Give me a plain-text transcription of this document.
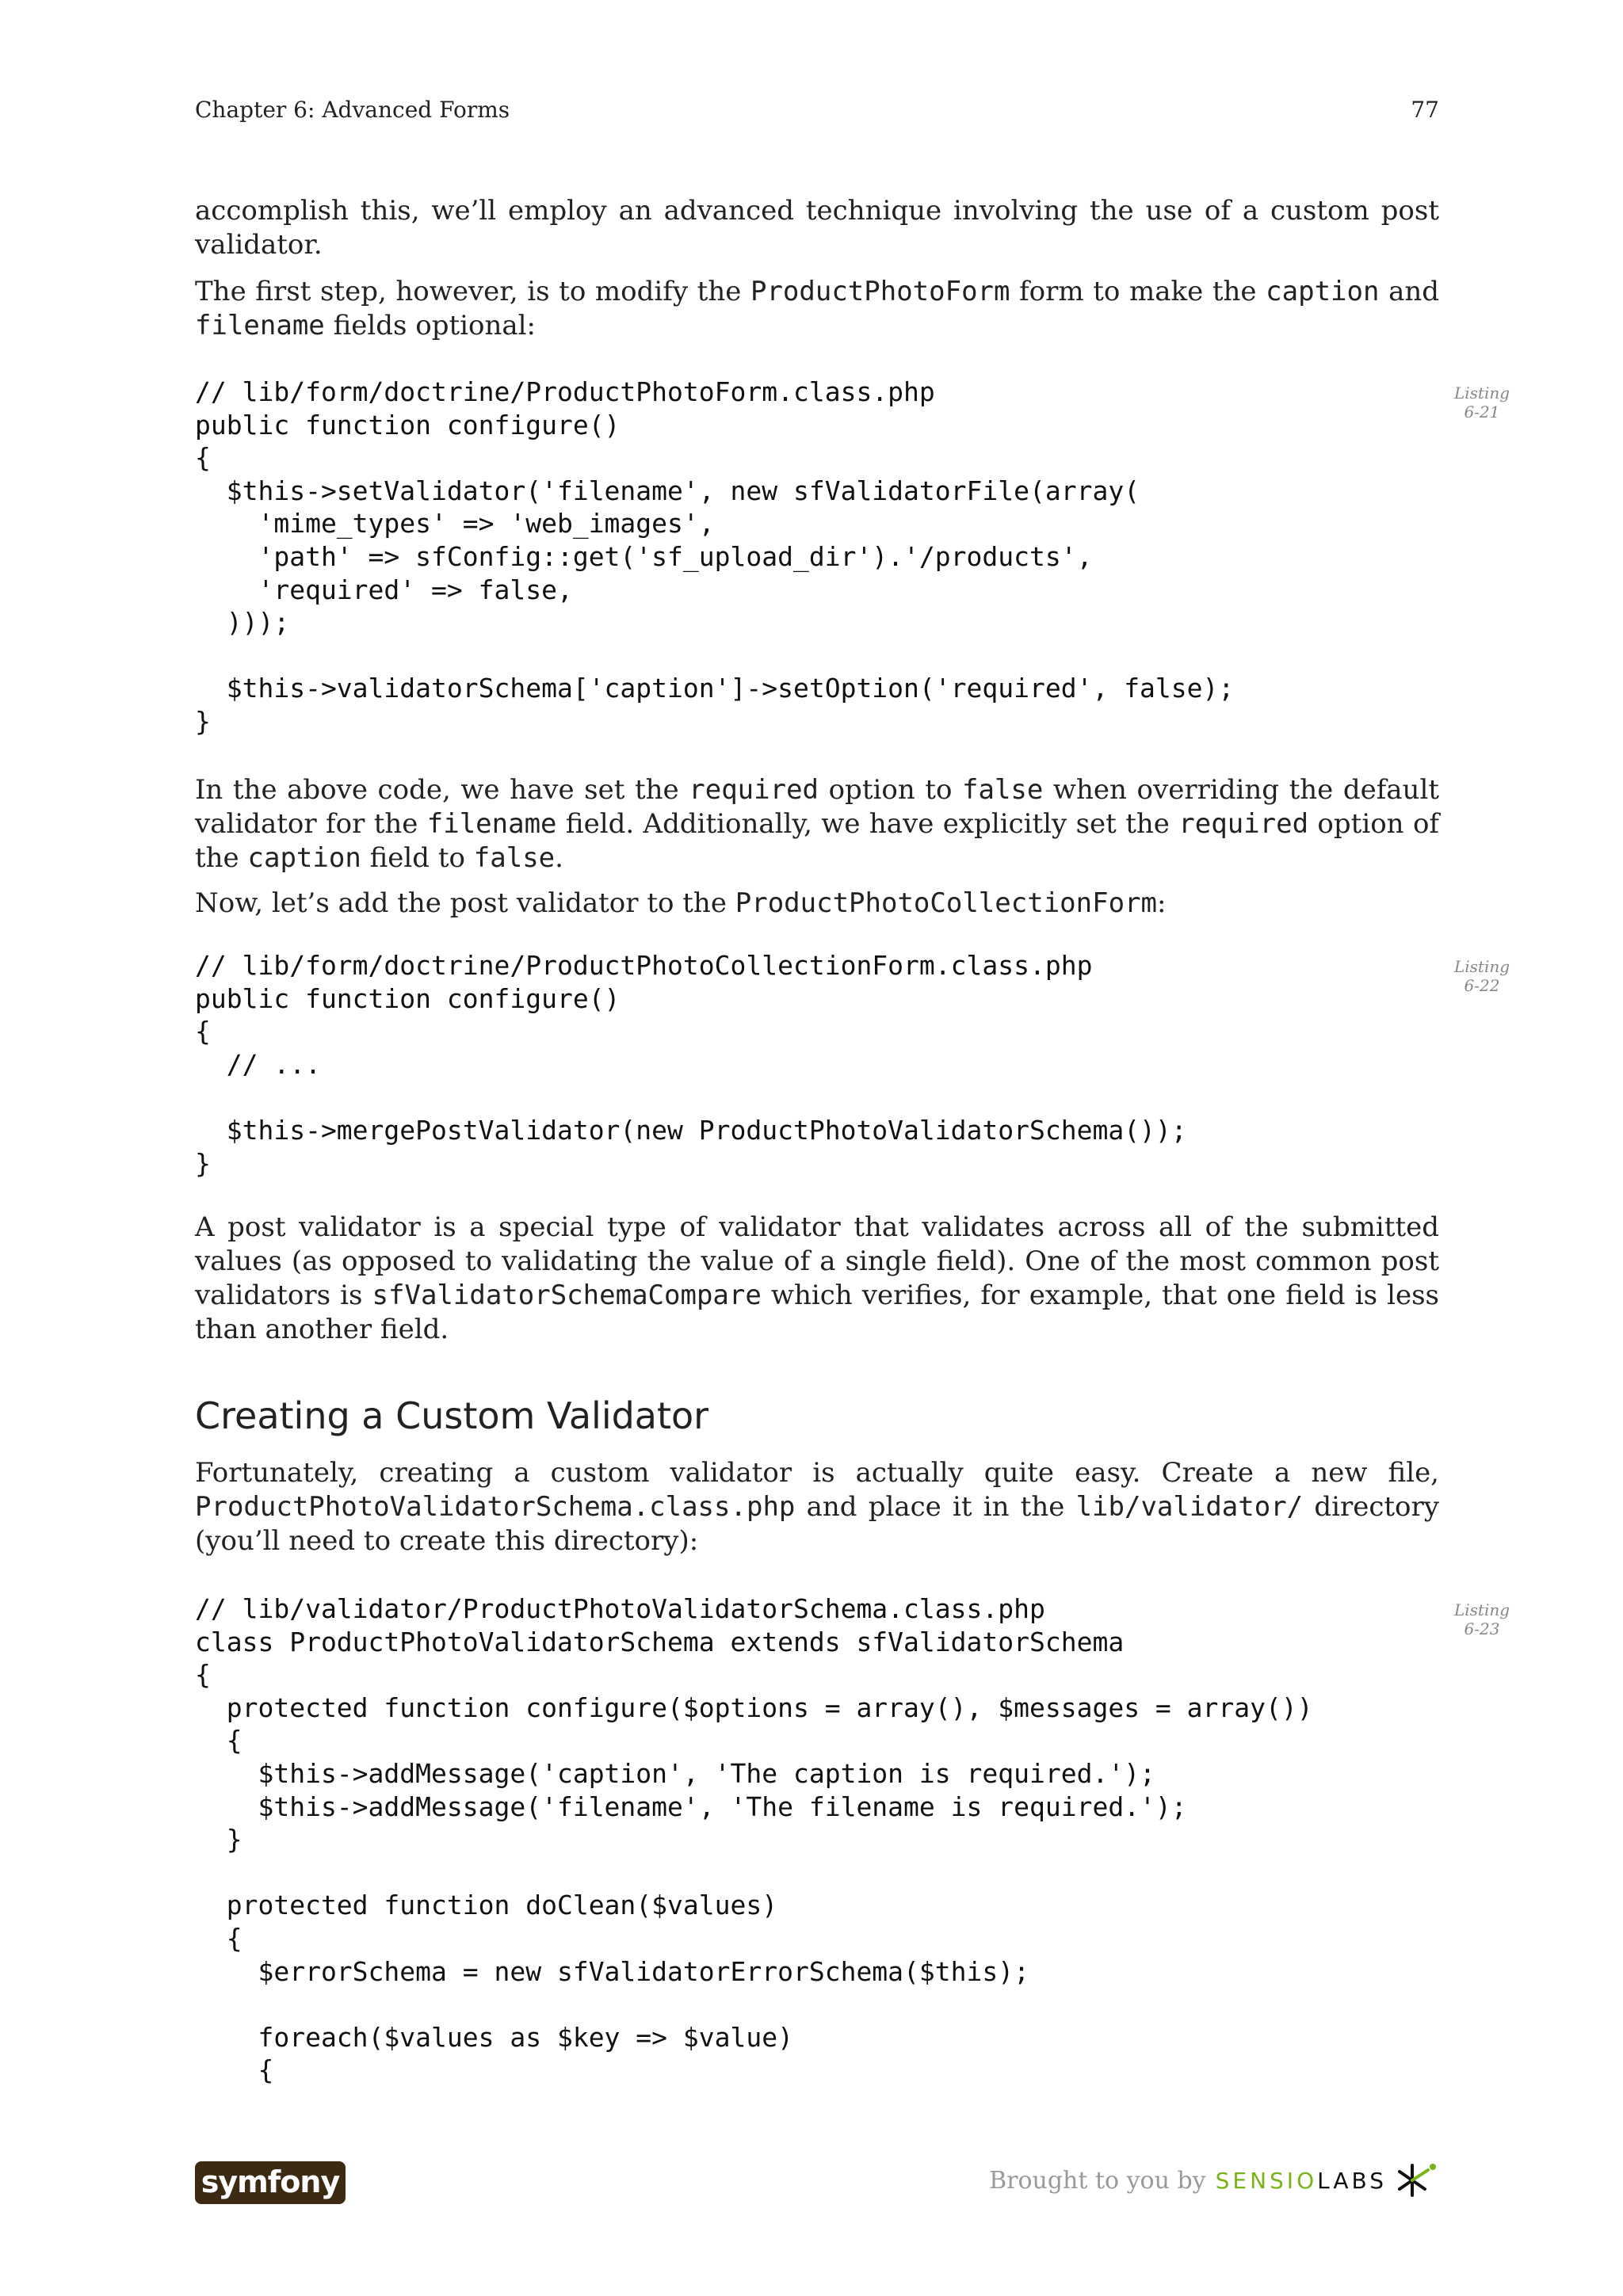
Chapter 6: Advanced Forms	77

accomplish this, we’ll employ an advanced technique involving the use of a custom post validator.

The first step, however, is to modify the ProductPhotoForm form to make the caption and filename fields optional:

// lib/form/doctrine/ProductPhotoForm.class.php
public function configure()
{
$this->setValidator('filename', new sfValidatorFile(array(
'mime_types' => 'web_images',
'path' => sfConfig::get('sf_upload_dir').'/products',
'required' => false,
)));

$this->validatorSchema['caption']->setOption('required', false);
}
Listing
6-21

In the above code, we have set the required option to false when overriding the default validator for the filename field. Additionally, we have explicitly set the required option of the caption field to false.

Now, let’s add the post validator to the ProductPhotoCollectionForm:

// lib/form/doctrine/ProductPhotoCollectionForm.class.php
public function configure()
{
// ...

$this->mergePostValidator(new ProductPhotoValidatorSchema());
}
Listing
6-22

A post validator is a special type of validator that validates across all of the submitted values (as opposed to validating the value of a single field). One of the most common post validators is sfValidatorSchemaCompare which verifies, for example, that one field is less than another field.

Creating a Custom Validator

Fortunately, creating a custom validator is actually quite easy. Create a new file, ProductPhotoValidatorSchema.class.php and place it in the lib/validator/ directory (you’ll need to create this directory):

// lib/validator/ProductPhotoValidatorSchema.class.php
class ProductPhotoValidatorSchema extends sfValidatorSchema
{
protected function configure($options = array(), $messages = array())
{
$this->addMessage('caption', 'The caption is required.');
$this->addMessage('filename', 'The filename is required.');
}

protected function doClean($values)
{
$errorSchema = new sfValidatorErrorSchema($this);

foreach($values as $key => $value)
{
Listing
6-23
symfony	Brought to you by SENSIOLABS
